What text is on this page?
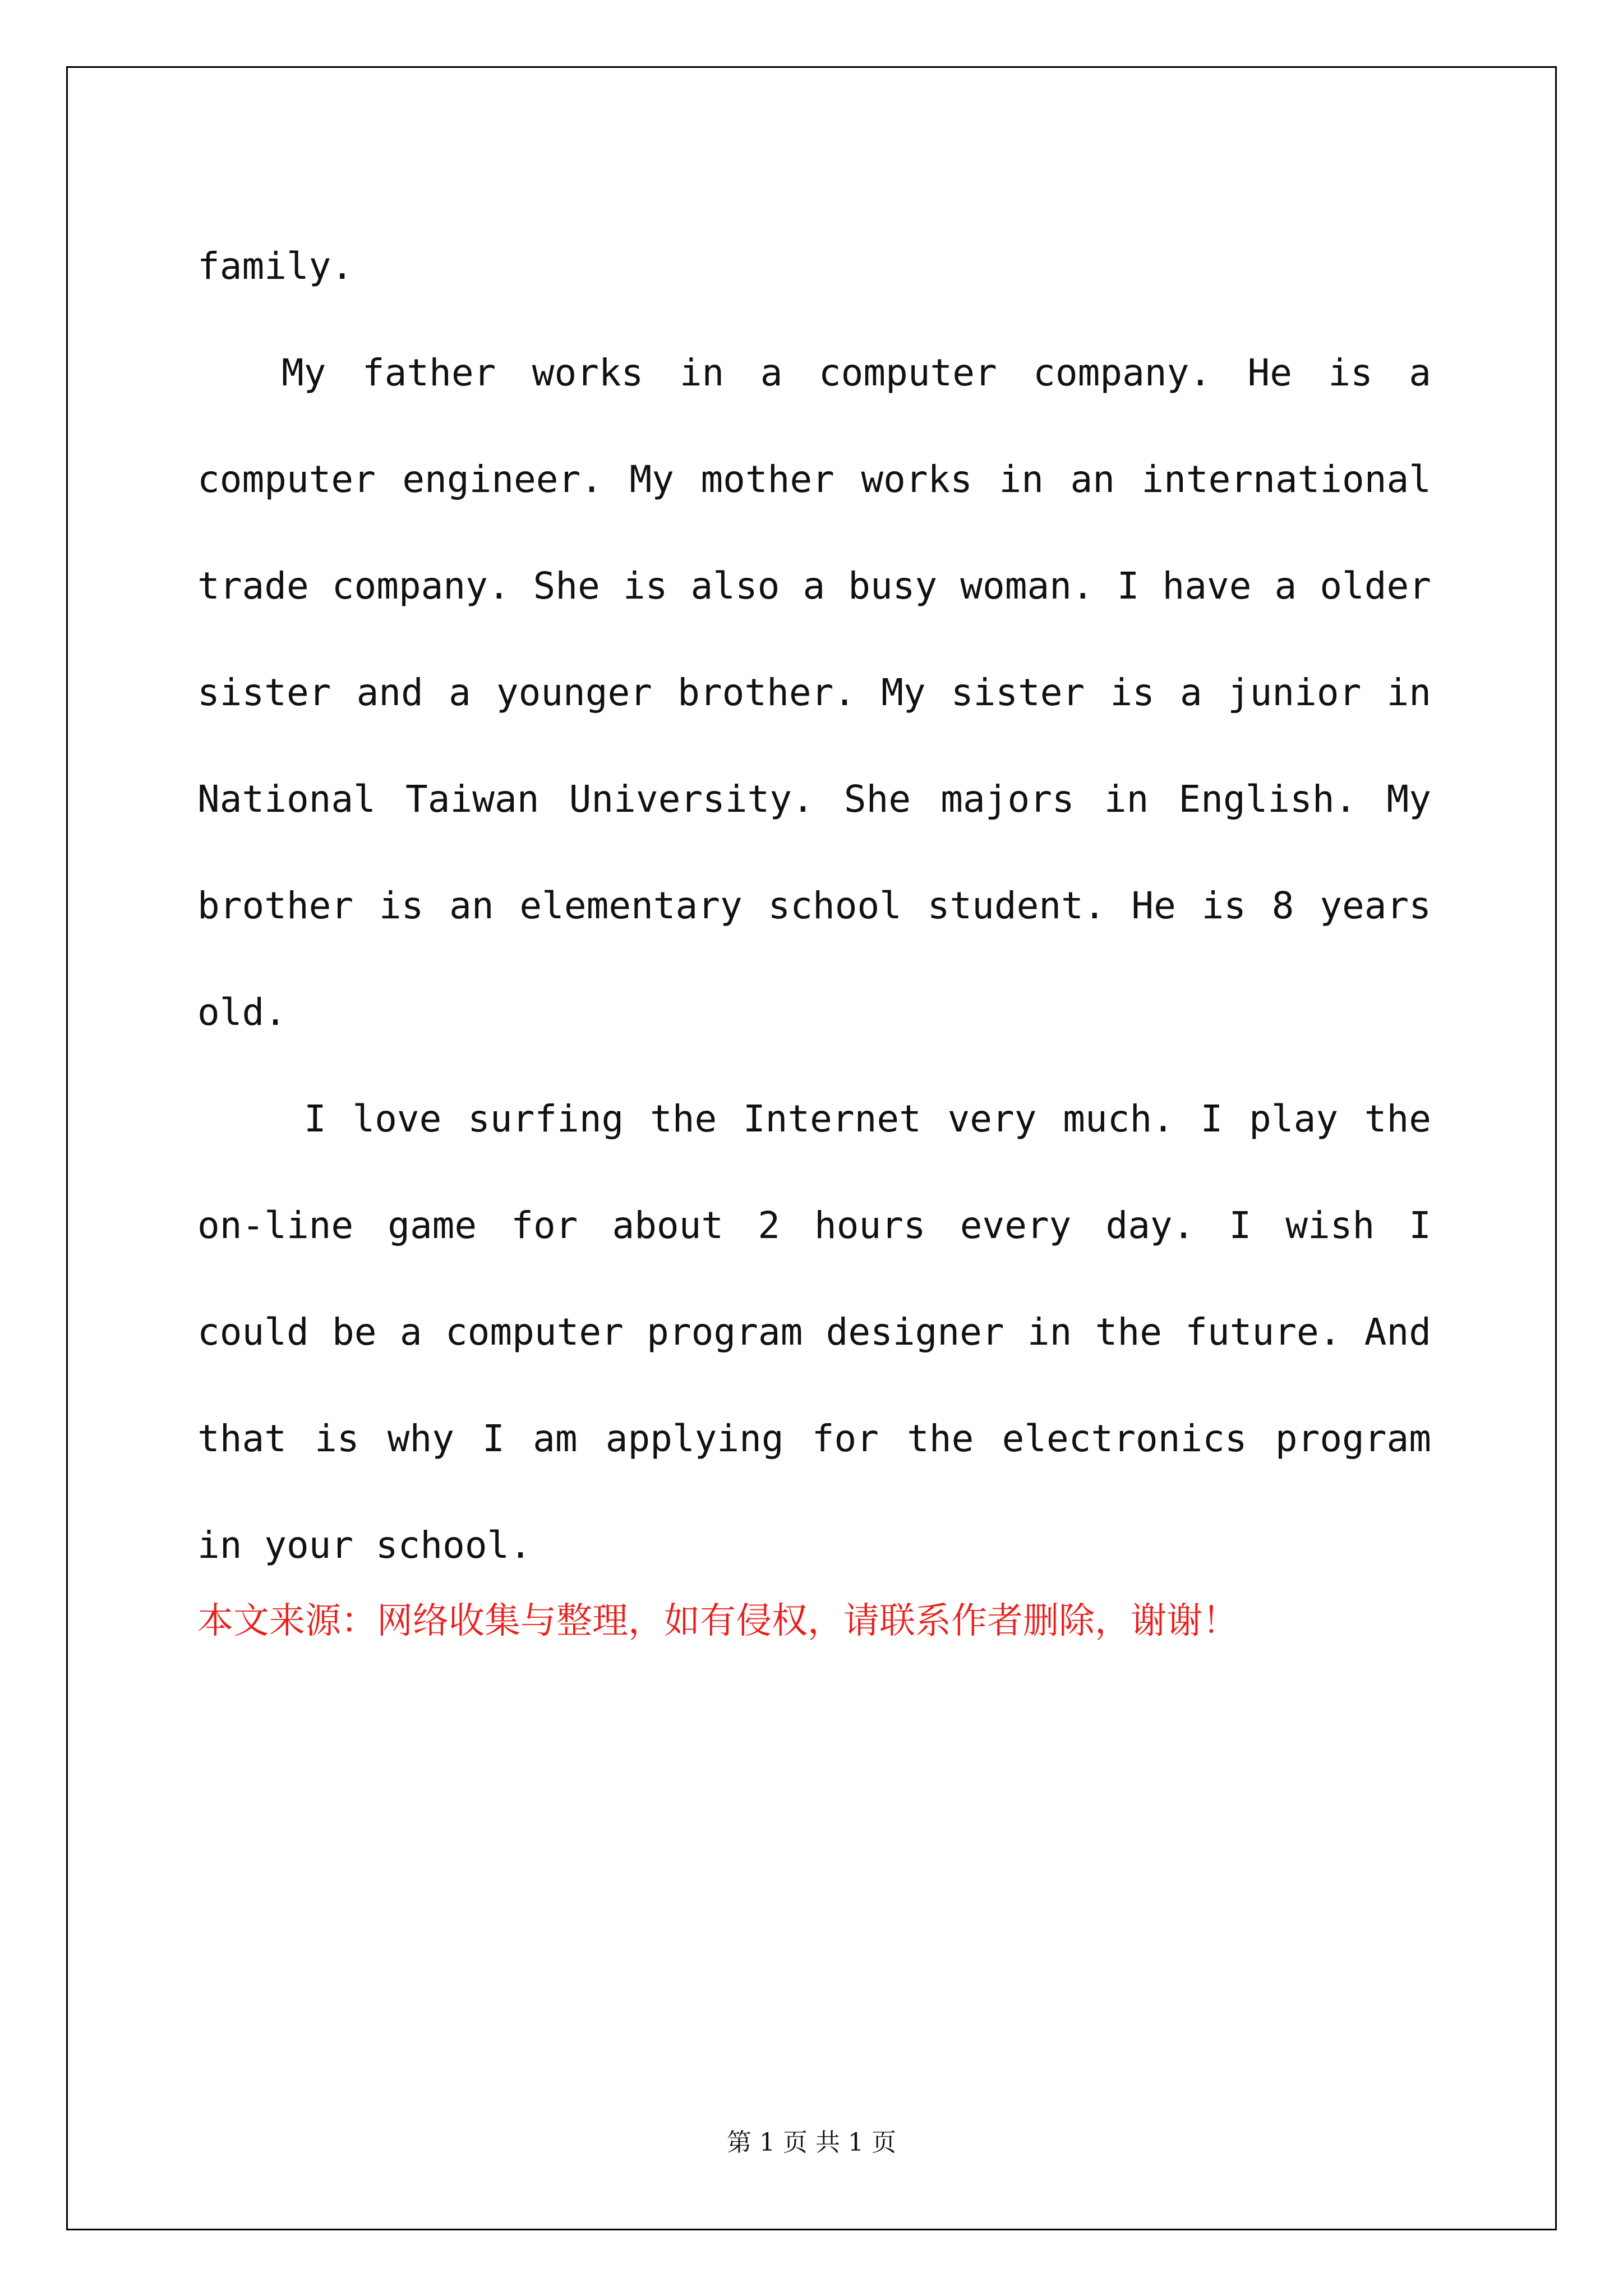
family.

My father works in a computer company. He is a computer engineer. My mother works in an international trade company. She is also a busy woman. I have a older sister and a younger brother. My sister is a junior in National Taiwan University. She majors in English. My brother is an elementary school student. He is 8 years old.

I love surfing the Internet very much. I play the on-line game for about 2 hours every day. I wish I could be a computer program designer in the future. And that is why I am applying for the electronics program in your school.

本文来源：网络收集与整理，如有侵权，请联系作者删除，谢谢！
第 1 页 共 1 页
